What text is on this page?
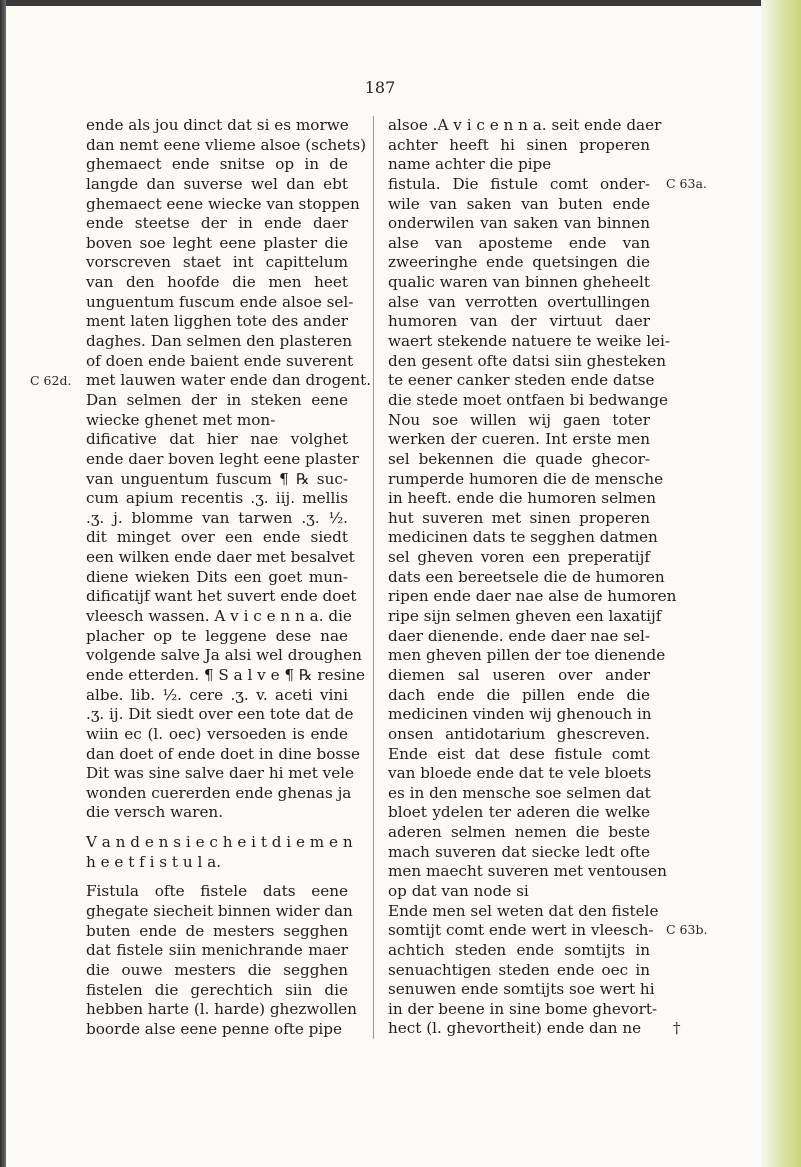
187
ende als jou dinct dat si es morwe
dan nemt eene vlieme alsoe (schets)
ghemaect ende snitse op in de
langde dan suverse wel dan ebt
ghemaect eene wiecke van stoppen
ende steetse der in ende daer
boven soe leght eene plaster die
vorscreven staet int capittelum
van den hoofde die men heet
unguentum fuscum ende alsoe sel-
ment laten ligghen tote des ander
daghes. Dan selmen den plasteren
of doen ende baient ende suverent
met lauwen water ende dan drogent.
Dan selmen der in steken eene
wiecke ghenet met mon-
dificative dat hier nae volghet
ende daer boven leght eene plaster
van unguentum fuscum ¶ ℞ suc-
cum apium recentis .ʒ. iij. mellis
.ʒ. j. blomme van tarwen .ʒ. ½.
dit minget over een ende siedt
een wilken ende daer met besalvet
diene wieken Dits een goet mun-
dificatijf want het suvert ende doet
vleesch wassen. A v i c e n n a. die
placher op te leggene dese nae
volgende salve Ja alsi wel droughen
ende etterden. ¶ S a l v e ¶ ℞ resine
albe. lib. ½. cere .ʒ. v. aceti vini
.ʒ. ij. Dit siedt over een tote dat de
wiin ec (l. oec) versoeden is ende
dan doet of ende doet in dine bosse
Dit was sine salve daer hi met vele
wonden cuererden ende ghenas ja
die versch waren.
V a n d e n s i e c h e i t d i e m e n
h e e t f i s t u l a.
Fistula ofte fistele dats eene
ghegate siecheit binnen wider dan
buten ende de mesters segghen
dat fistele siin menichrande maer
die ouwe mesters die segghen
fistelen die gerechtich siin die
hebben harte (l. harde) ghezwollen
boorde alse eene penne ofte pipe
alsoe .A v i c e n n a. seit ende daer
achter heeft hi sinen properen
name achter die pipe
fistula. Die fistule comt onder-
wile van saken van buten ende
onderwilen van saken van binnen
alse van aposteme ende van
zweeringhe ende quetsingen die
qualic waren van binnen gheheelt
alse van verrotten overtullingen
humoren van der virtuut daer
waert stekende natuere te weike lei-
den gesent ofte datsi siin ghesteken
te eener canker steden ende datse
die stede moet ontfaen bi bedwange
Nou soe willen wij gaen toter
werken der cueren. Int erste men
sel bekennen die quade ghecor-
rumperde humoren die de mensche
in heeft. ende die humoren selmen
hut suveren met sinen properen
medicinen dats te segghen datmen
sel gheven voren een preperatijf
dats een bereetsele die de humoren
ripen ende daer nae alse de humoren
ripe sijn selmen gheven een laxatijf
daer dienende. ende daer nae sel-
men gheven pillen der toe dienende
diemen sal useren over ander
dach ende die pillen ende die
medicinen vinden wij ghenouch in
onsen antidotarium ghescreven.
Ende eist dat dese fistule comt
van bloede ende dat te vele bloets
es in den mensche soe selmen dat
bloet ydelen ter aderen die welke
aderen selmen nemen die beste
mach suveren dat siecke ledt ofte
men maecht suveren met ventousen
op dat van node si
Ende men sel weten dat den fistele
somtijt comt ende wert in vleesch-
achtich steden ende somtijts in
senuachtigen steden ende oec in
senuwen ende somtijts soe wert hi
in der beene in sine bome ghevort-
hect (l. ghevortheit) ende dan ne
C 62d.
C 63a.
C 63b.
†
